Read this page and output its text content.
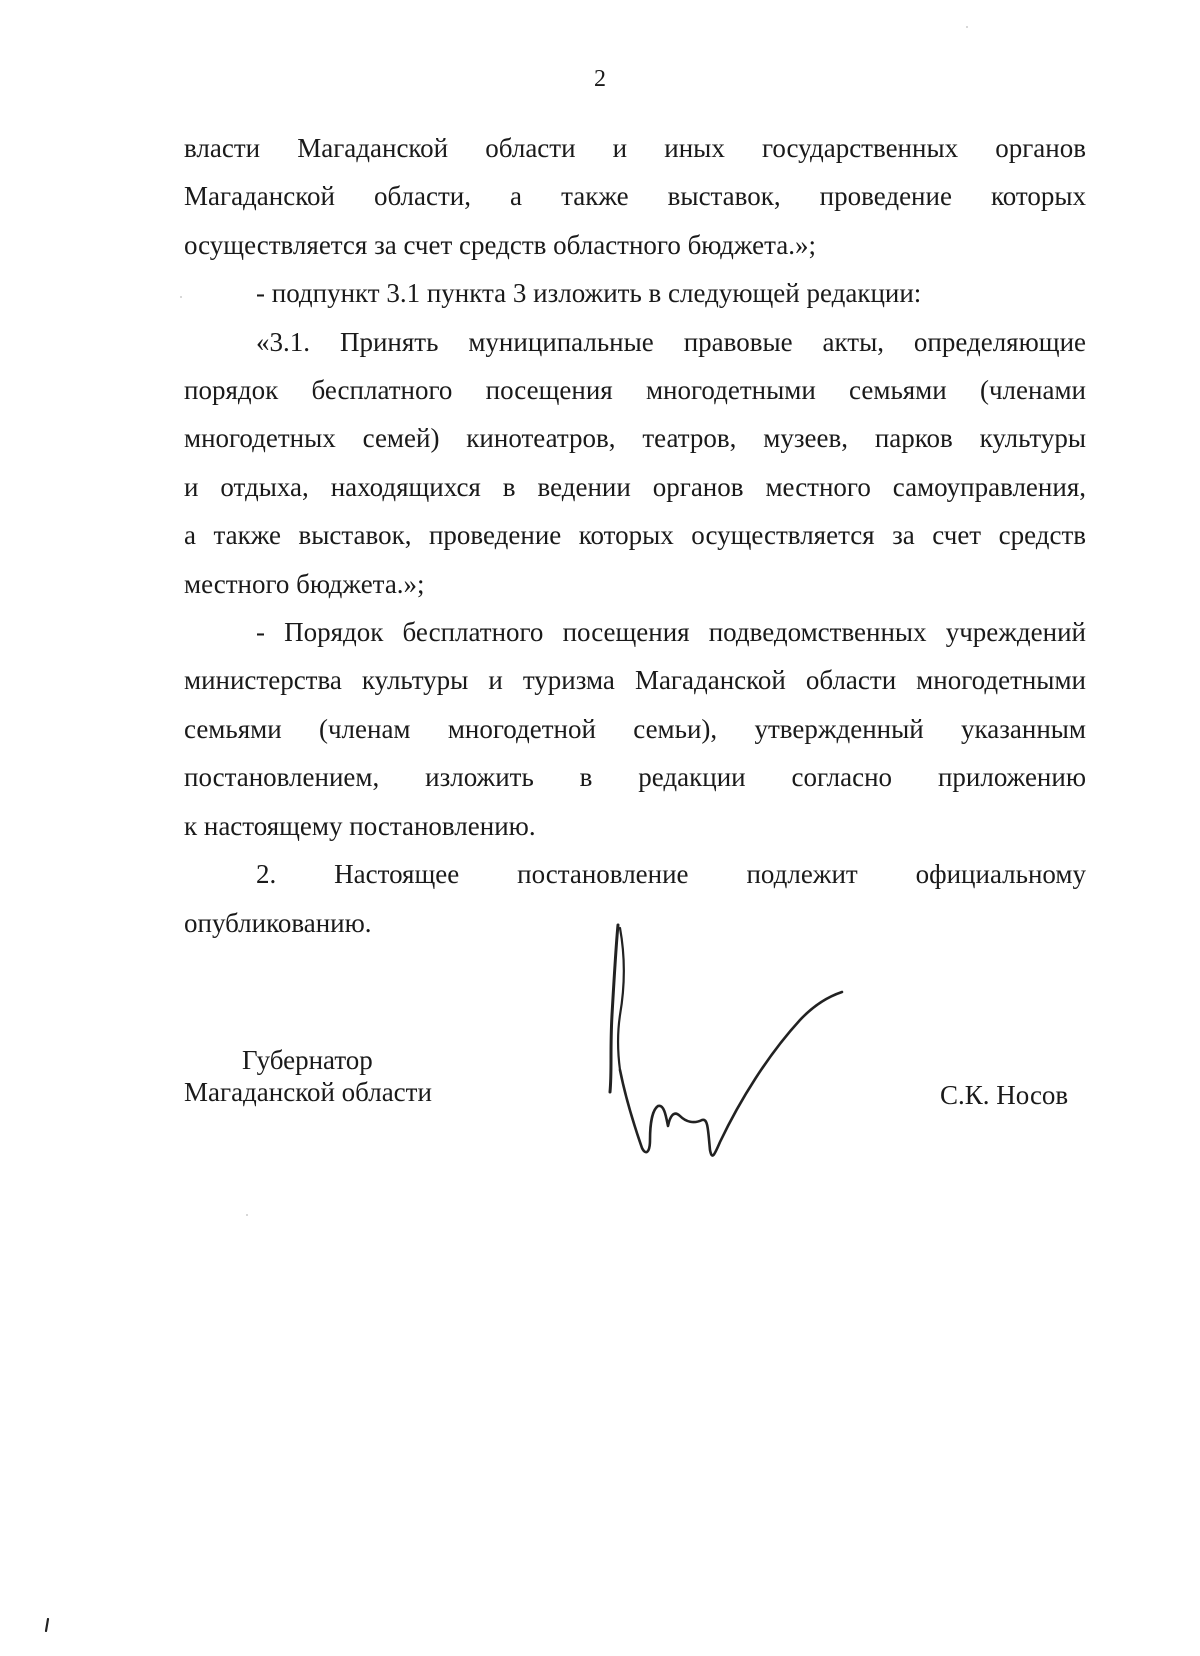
2

власти Магаданской области и иных государственных органов
Магаданской области, а также выставок, проведение которых
осуществляется за счет средств областного бюджета.»;

- подпункт 3.1 пункта 3 изложить в следующей редакции:

«3.1. Принять муниципальные правовые акты, определяющие
порядок бесплатного посещения многодетными семьями (членами
многодетных семей) кинотеатров, театров, музеев, парков культуры
и отдыха, находящихся в ведении органов местного самоуправления,
а также выставок, проведение которых осуществляется за счет средств
местного бюджета.»;

- Порядок бесплатного посещения подведомственных учреждений
министерства культуры и туризма Магаданской области многодетными
семьями (членам многодетной семьи), утвержденный указанным
постановлением, изложить в редакции согласно приложению
к настоящему постановлению.

2. Настоящее постановление подлежит официальному
опубликованию.

Губернатор
Магаданской области	С.К. Носов
